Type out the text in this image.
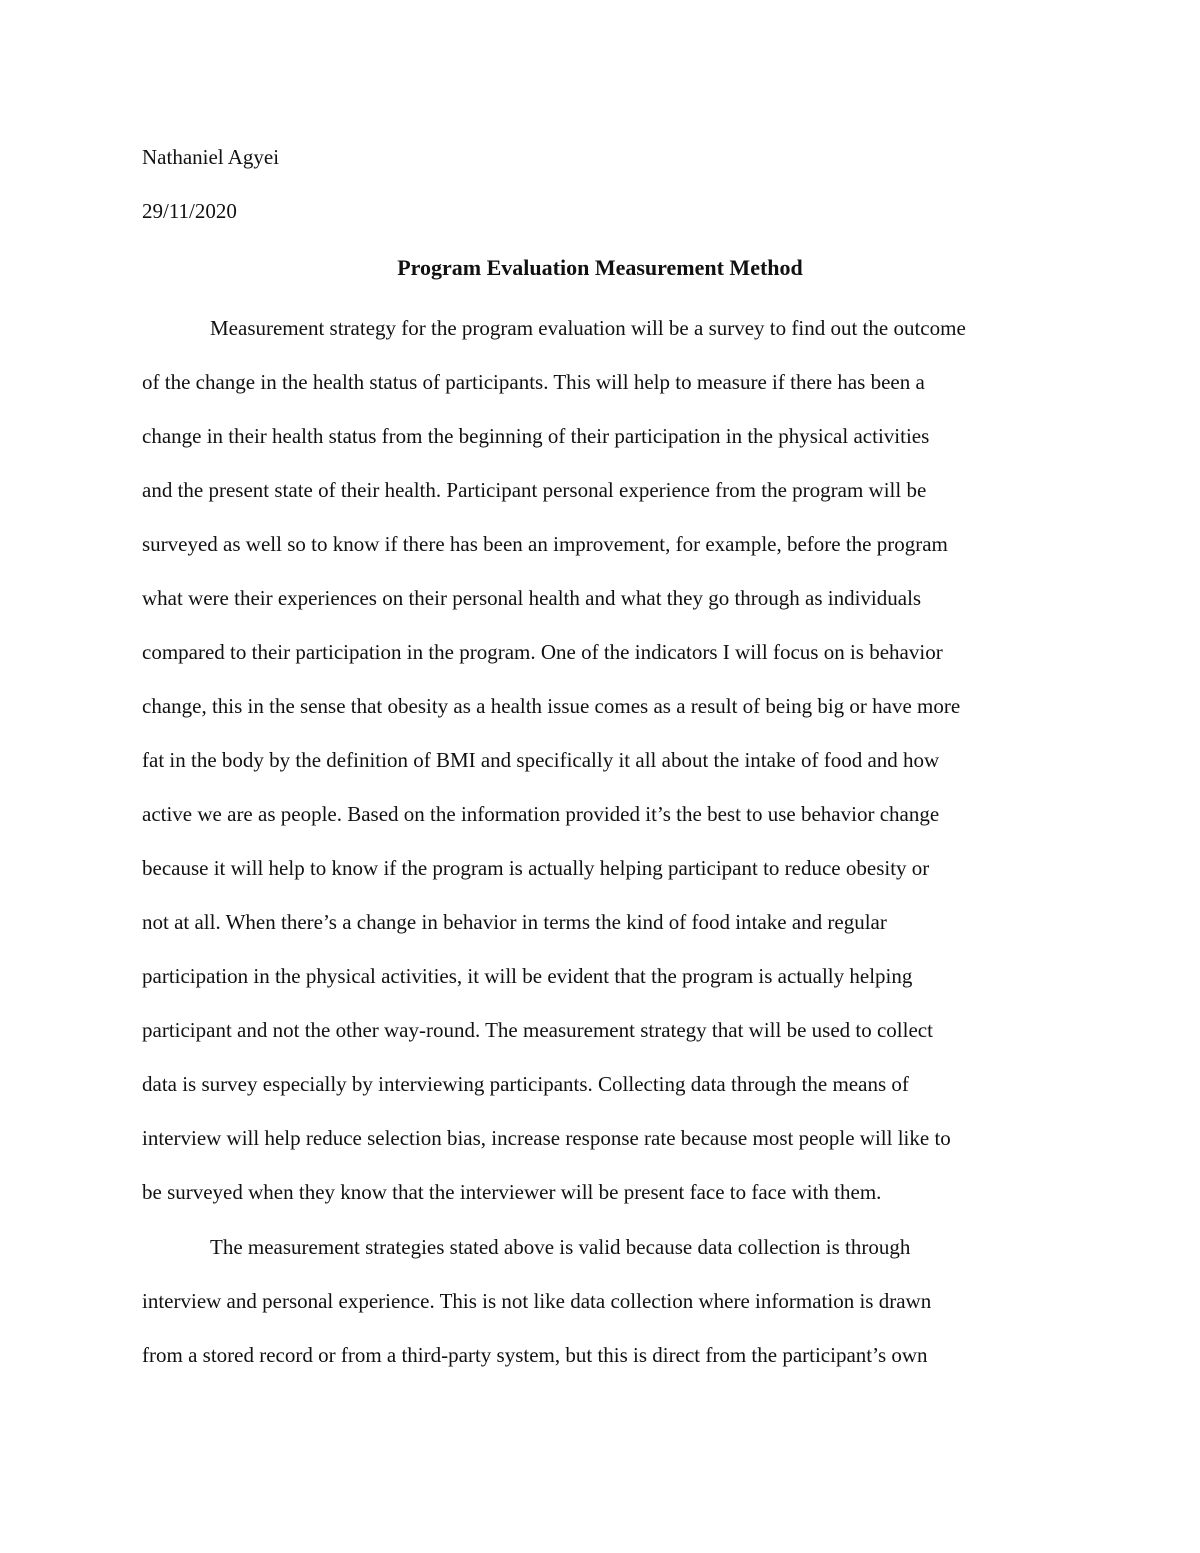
Nathaniel Agyei
29/11/2020
Program Evaluation Measurement Method
Measurement strategy for the program evaluation will be a survey to find out the outcome
of the change in the health status of participants. This will help to measure if there has been a
change in their health status from the beginning of their participation in the physical activities
and the present state of their health. Participant personal experience from the program will be
surveyed as well so to know if there has been an improvement, for example, before the program
what were their experiences on their personal health and what they go through as individuals
compared to their participation in the program. One of the indicators I will focus on is behavior
change, this in the sense that obesity as a health issue comes as a result of being big or have more
fat in the body by the definition of BMI and specifically it all about the intake of food and how
active we are as people. Based on the information provided it’s the best to use behavior change
because it will help to know if the program is actually helping participant to reduce obesity or
not at all. When there’s a change in behavior in terms the kind of food intake and regular
participation in the physical activities, it will be evident that the program is actually helping
participant and not the other way-round. The measurement strategy that will be used to collect
data is survey especially by interviewing participants. Collecting data through the means of
interview will help reduce selection bias, increase response rate because most people will like to
be surveyed when they know that the interviewer will be present face to face with them.
The measurement strategies stated above is valid because data collection is through
interview and personal experience. This is not like data collection where information is drawn
from a stored record or from a third-party system, but this is direct from the participant’s own
